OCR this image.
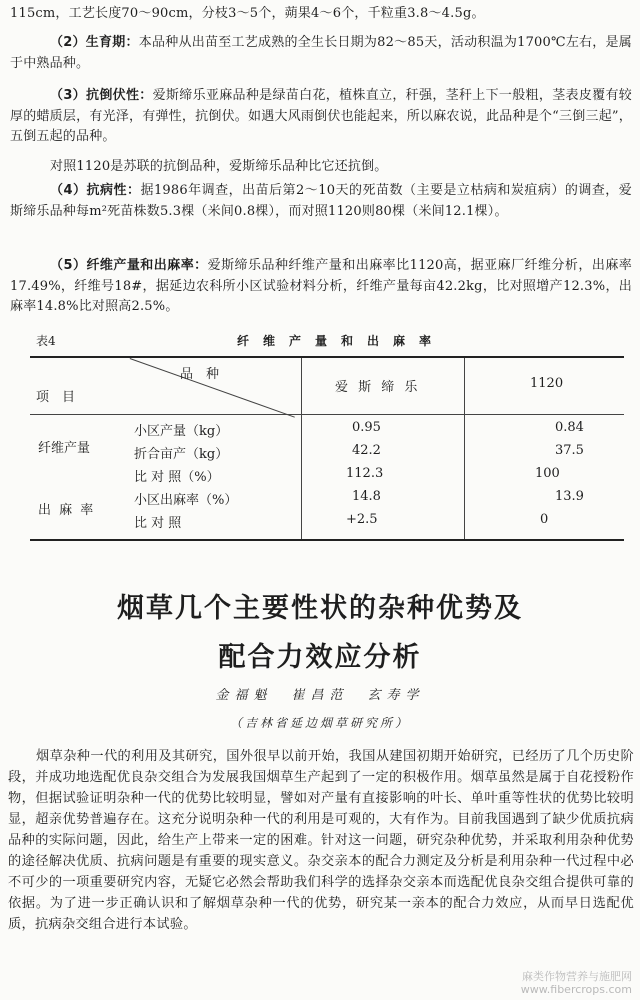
115cm，工艺长度70～90cm，分枝3～5个，蒴果4～6个，千粒重3.8～4.5g。

（2）生育期：本品种从出苗至工艺成熟的全生长日期为82～85天，活动积温为1700℃左右，是属于中熟品种。

（3）抗倒伏性：爱斯缔乐亚麻品种是绿苗白花，植株直立，秆强，茎秆上下一般粗，茎表皮覆有较厚的蜡质层，有光泽，有弹性，抗倒伏。如遇大风雨倒伏也能起来，所以麻农说，此品种是个“三倒三起”，五倒五起的品种。

对照1120是苏联的抗倒品种，爱斯缔乐品种比它还抗倒。

（4）抗病性：据1986年调查，出苗后第2～10天的死苗数（主要是立枯病和炭疽病）的调查，爱斯缔乐品种每m²死苗株数5.3棵（米间0.8棵），而对照1120则80棵（米间12.1棵）。

（5）纤维产量和出麻率：爱斯缔乐品种纤维产量和出麻率比1120高，据亚麻厂纤维分析，出麻率17.49%，纤维号18#，据延边农科所小区试验材料分析，纤维产量每亩42.2kg，比对照增产12.3%，出麻率14.8%比对照高2.5%。

表4	纤维产量和出麻率
品　种
项　目
爱 斯 缔 乐	1120
纤维产量
出 麻 率
小区产量（kg）	0.95	0.84
折合亩产（kg）	42.2	37.5
比 对 照（%）	112.3	100
小区出麻率（%）	14.8	13.9
比 对 照	+2.5	0
烟草几个主要性状的杂种优势及
配合力效应分析
金福魁　崔昌范　玄寿学
（吉林省延边烟草研究所）

烟草杂种一代的利用及其研究，国外很早以前开始，我国从建国初期开始研究，已经历了几个历史阶段，并成功地选配优良杂交组合为发展我国烟草生产起到了一定的积极作用。烟草虽然是属于自花授粉作物，但据试验证明杂种一代的优势比较明显，譬如对产量有直接影响的叶长、单叶重等性状的优势比较明显，超亲优势普遍存在。这充分说明杂种一代的利用是可观的，大有作为。目前我国遇到了缺少优质抗病品种的实际问题，因此，给生产上带来一定的困难。针对这一问题，研究杂种优势，并采取利用杂种优势的途径解决优质、抗病问题是有重要的现实意义。杂交亲本的配合力测定及分析是利用杂种一代过程中必不可少的一项重要研究内容，无疑它必然会帮助我们科学的选择杂交亲本而选配优良杂交组合提供可靠的依据。为了进一步正确认识和了解烟草杂种一代的优势，研究某一亲本的配合力效应，从而早日选配优质，抗病杂交组合进行本试验。

麻类作物营养与施肥网
www.fibercrops.com
